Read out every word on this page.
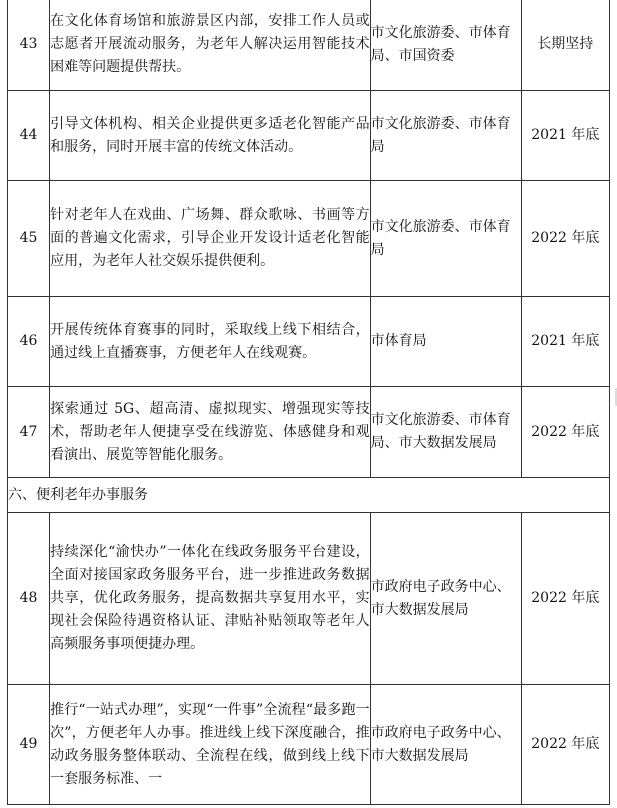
43	在文化体育场馆和旅游景区内部，安排工作人员或志愿者开展流动服务，为老年人解决运用智能技术困难等问题提供帮扶。	市文化旅游委、市体育局、市国资委	长期坚持
44	引导文体机构、相关企业提供更多适老化智能产品和服务，同时开展丰富的传统文体活动。	市文化旅游委、市体育局	2021 年底
45	针对老年人在戏曲、广场舞、群众歌咏、书画等方面的普遍文化需求，引导企业开发设计适老化智能应用，为老年人社交娱乐提供便利。	市文化旅游委、市体育局	2022 年底
46	开展传统体育赛事的同时，采取线上线下相结合，通过线上直播赛事，方便老年人在线观赛。	市体育局	2021 年底
47	探索通过 5G、超高清、虚拟现实、增强现实等技术，帮助老年人便捷享受在线游览、体感健身和观看演出、展览等智能化服务。	市文化旅游委、市体育局、市大数据发展局	2022 年底
六、便利老年办事服务			
48	持续深化“渝快办”一体化在线政务服务平台建设，全面对接国家政务服务平台，进一步推进政务数据共享，优化政务服务，提高数据共享复用水平，实现社会保险待遇资格认证、津贴补贴领取等老年人高频服务事项便捷办理。	市政府电子政务中心、市大数据发展局	2022 年底
49	推行“一站式办理”，实现“一件事”全流程“最多跑一次”，方便老年人办事。推进线上线下深度融合，推动政务服务整体联动、全流程在线，做到线上线下一套服务标准、一	市政府电子政务中心、市大数据发展局	2022 年底
